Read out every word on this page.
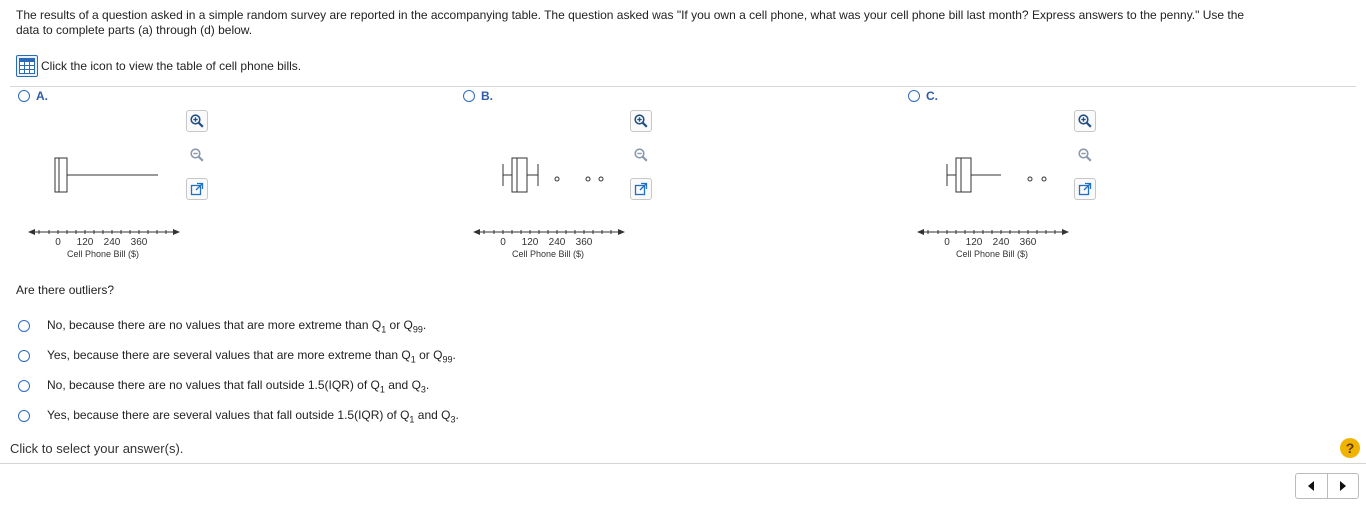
The results of a question asked in a simple random survey are reported in the accompanying table. The question asked was "If you own a cell phone, what was your cell phone bill last month? Express answers to the penny." Use the
data to complete parts (a) through (d) below.
Click the icon to view the table of cell phone bills.
A.
0 120 240 360
Cell Phone Bill ($)
B.
0 120 240 360
Cell Phone Bill ($)
C.
0 120 240 360
Cell Phone Bill ($)
Are there outliers?
No, because there are no values that are more extreme than $Q_1$ or $Q_{99}$.
Yes, because there are several values that are more extreme than $Q_1$ or $Q_{99}$.
No, because there are no values that fall outside 1.5(IQR) of $Q_1$ and $Q_3$.
Yes, because there are several values that fall outside 1.5(IQR) of $Q_1$ and $Q_3$.
Click to select your answer(s).	?
